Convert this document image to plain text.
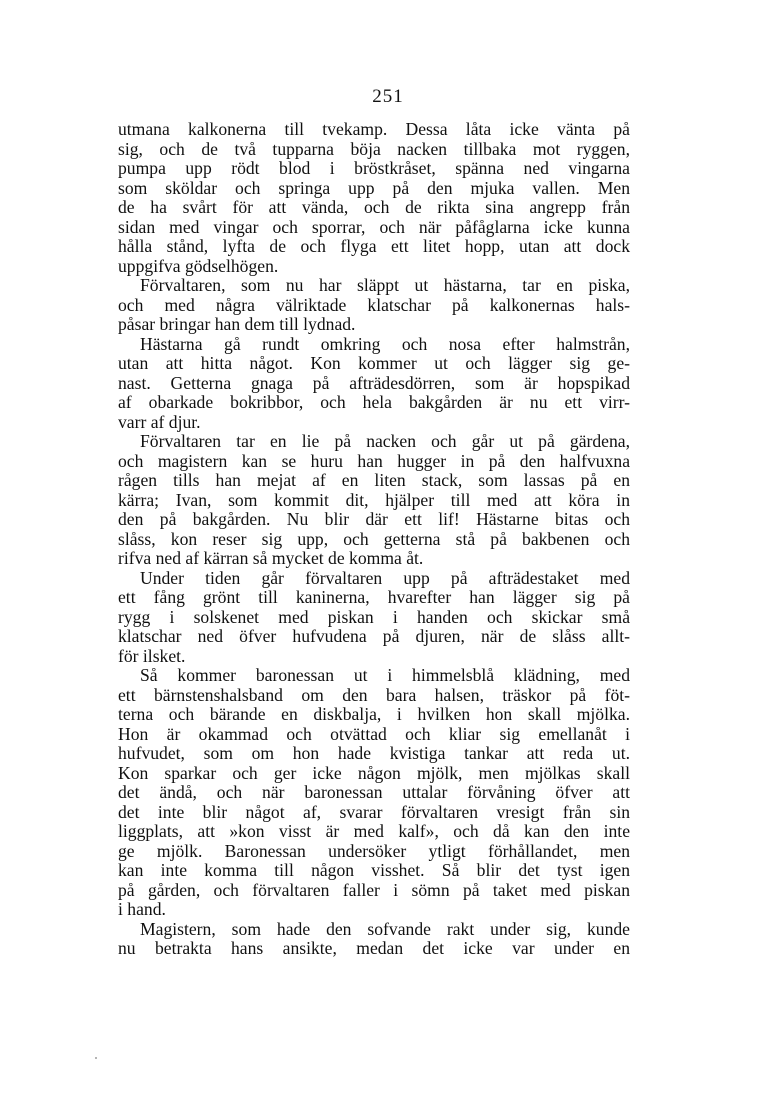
251
utmana kalkonerna till tvekamp. Dessa låta icke vänta på
sig, och de två tupparna böja nacken tillbaka mot ryggen,
pumpa upp rödt blod i bröstkråset, spänna ned vingarna
som sköldar och springa upp på den mjuka vallen. Men
de ha svårt för att vända, och de rikta sina angrepp från
sidan med vingar och sporrar, och när påfåglarna icke kunna
hålla stånd, lyfta de och flyga ett litet hopp, utan att dock
uppgifva gödselhögen.
Förvaltaren, som nu har släppt ut hästarna, tar en piska,
och med några välriktade klatschar på kalkonernas hals-
påsar bringar han dem till lydnad.
Hästarna gå rundt omkring och nosa efter halmstrån,
utan att hitta något. Kon kommer ut och lägger sig ge-
nast. Getterna gnaga på afträdesdörren, som är hopspikad
af obarkade bokribbor, och hela bakgården är nu ett virr-
varr af djur.
Förvaltaren tar en lie på nacken och går ut på gärdena,
och magistern kan se huru han hugger in på den halfvuxna
rågen tills han mejat af en liten stack, som lassas på en
kärra; Ivan, som kommit dit, hjälper till med att köra in
den på bakgården. Nu blir där ett lif! Hästarne bitas och
slåss, kon reser sig upp, och getterna stå på bakbenen och
rifva ned af kärran så mycket de komma åt.
Under tiden går förvaltaren upp på afträdestaket med
ett fång grönt till kaninerna, hvarefter han lägger sig på
rygg i solskenet med piskan i handen och skickar små
klatschar ned öfver hufvudena på djuren, när de slåss allt-
för ilsket.
Så kommer baronessan ut i himmelsblå klädning, med
ett bärnstenshalsband om den bara halsen, träskor på föt-
terna och bärande en diskbalja, i hvilken hon skall mjölka.
Hon är okammad och otvättad och kliar sig emellanåt i
hufvudet, som om hon hade kvistiga tankar att reda ut.
Kon sparkar och ger icke någon mjölk, men mjölkas skall
det ändå, och när baronessan uttalar förvåning öfver att
det inte blir något af, svarar förvaltaren vresigt från sin
liggplats, att »kon visst är med kalf», och då kan den inte
ge mjölk. Baronessan undersöker ytligt förhållandet, men
kan inte komma till någon visshet. Så blir det tyst igen
på gården, och förvaltaren faller i sömn på taket med piskan
i hand.
Magistern, som hade den sofvande rakt under sig, kunde
nu betrakta hans ansikte, medan det icke var under en
